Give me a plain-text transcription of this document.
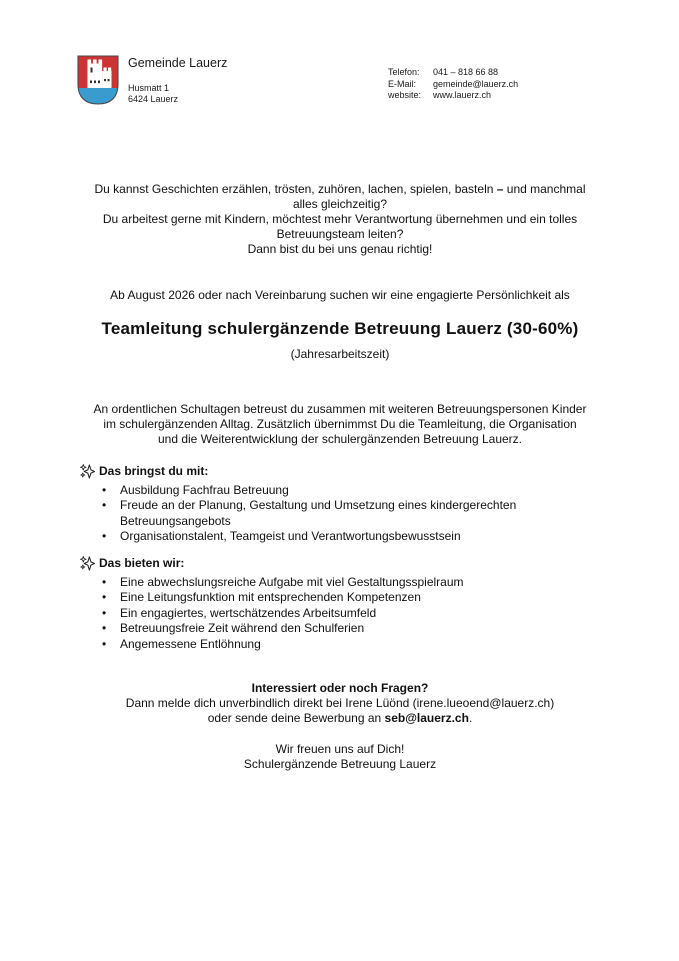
Gemeinde Lauerz
Husmatt 1
6424 Lauerz
Telefon:	041 – 818 66 88
E-Mail:	gemeinde@lauerz.ch
website:	www.lauerz.ch
Du kannst Geschichten erzählen, trösten, zuhören, lachen, spielen, basteln – und manchmal
alles gleichzeitig?
Du arbeitest gerne mit Kindern, möchtest mehr Verantwortung übernehmen und ein tolles
Betreuungsteam leiten?
Dann bist du bei uns genau richtig!
Ab August 2026 oder nach Vereinbarung suchen wir eine engagierte Persönlichkeit als
Teamleitung schulergänzende Betreuung Lauerz (30-60%)
(Jahresarbeitszeit)
An ordentlichen Schultagen betreust du zusammen mit weiteren Betreuungspersonen Kinder
im schulergänzenden Alltag. Zusätzlich übernimmst Du die Teamleitung, die Organisation
und die Weiterentwicklung der schulergänzenden Betreuung Lauerz.
Das bringst du mit:
• Ausbildung Fachfrau Betreuung
• Freude an der Planung, Gestaltung und Umsetzung eines kindergerechten
Betreuungsangebots
• Organisationstalent, Teamgeist und Verantwortungsbewusstsein
Das bieten wir:
• Eine abwechslungsreiche Aufgabe mit viel Gestaltungsspielraum
• Eine Leitungsfunktion mit entsprechenden Kompetenzen
• Ein engagiertes, wertschätzendes Arbeitsumfeld
• Betreuungsfreie Zeit während den Schulferien
• Angemessene Entlöhnung
Interessiert oder noch Fragen?
Dann melde dich unverbindlich direkt bei Irene Lüönd (irene.lueoend@lauerz.ch)
oder sende deine Bewerbung an seb@lauerz.ch.
Wir freuen uns auf Dich!
Schulergänzende Betreuung Lauerz
